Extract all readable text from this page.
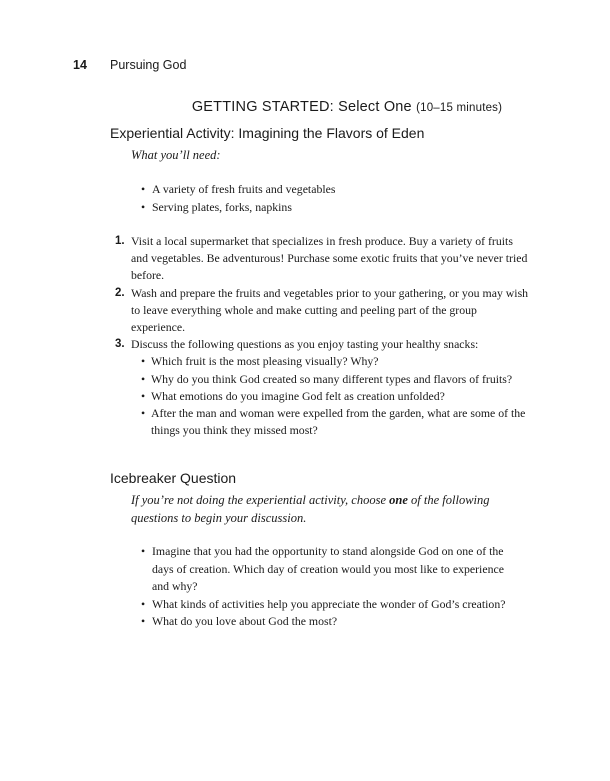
14	Pursuing God
GETTING STARTED: Select One (10–15 minutes)
Experiential Activity: Imagining the Flavors of Eden
What you’ll need:
• A variety of fresh fruits and vegetables
• Serving plates, forks, napkins
1. Visit a local supermarket that specializes in fresh produce. Buy a variety of fruits and vegetables. Be adventurous! Purchase some exotic fruits that you’ve never tried before.
2. Wash and prepare the fruits and vegetables prior to your gathering, or you may wish to leave everything whole and make cutting and peeling part of the group experience.
3. Discuss the following questions as you enjoy tasting your healthy snacks:
• Which fruit is the most pleasing visually? Why?
• Why do you think God created so many different types and flavors of fruits?
• What emotions do you imagine God felt as creation unfolded?
• After the man and woman were expelled from the garden, what are some of the things you think they missed most?
Icebreaker Question
If you’re not doing the experiential activity, choose one of the following questions to begin your discussion.
• Imagine that you had the opportunity to stand alongside God on one of the days of creation. Which day of creation would you most like to experience and why?
• What kinds of activities help you appreciate the wonder of God’s creation?
• What do you love about God the most?
